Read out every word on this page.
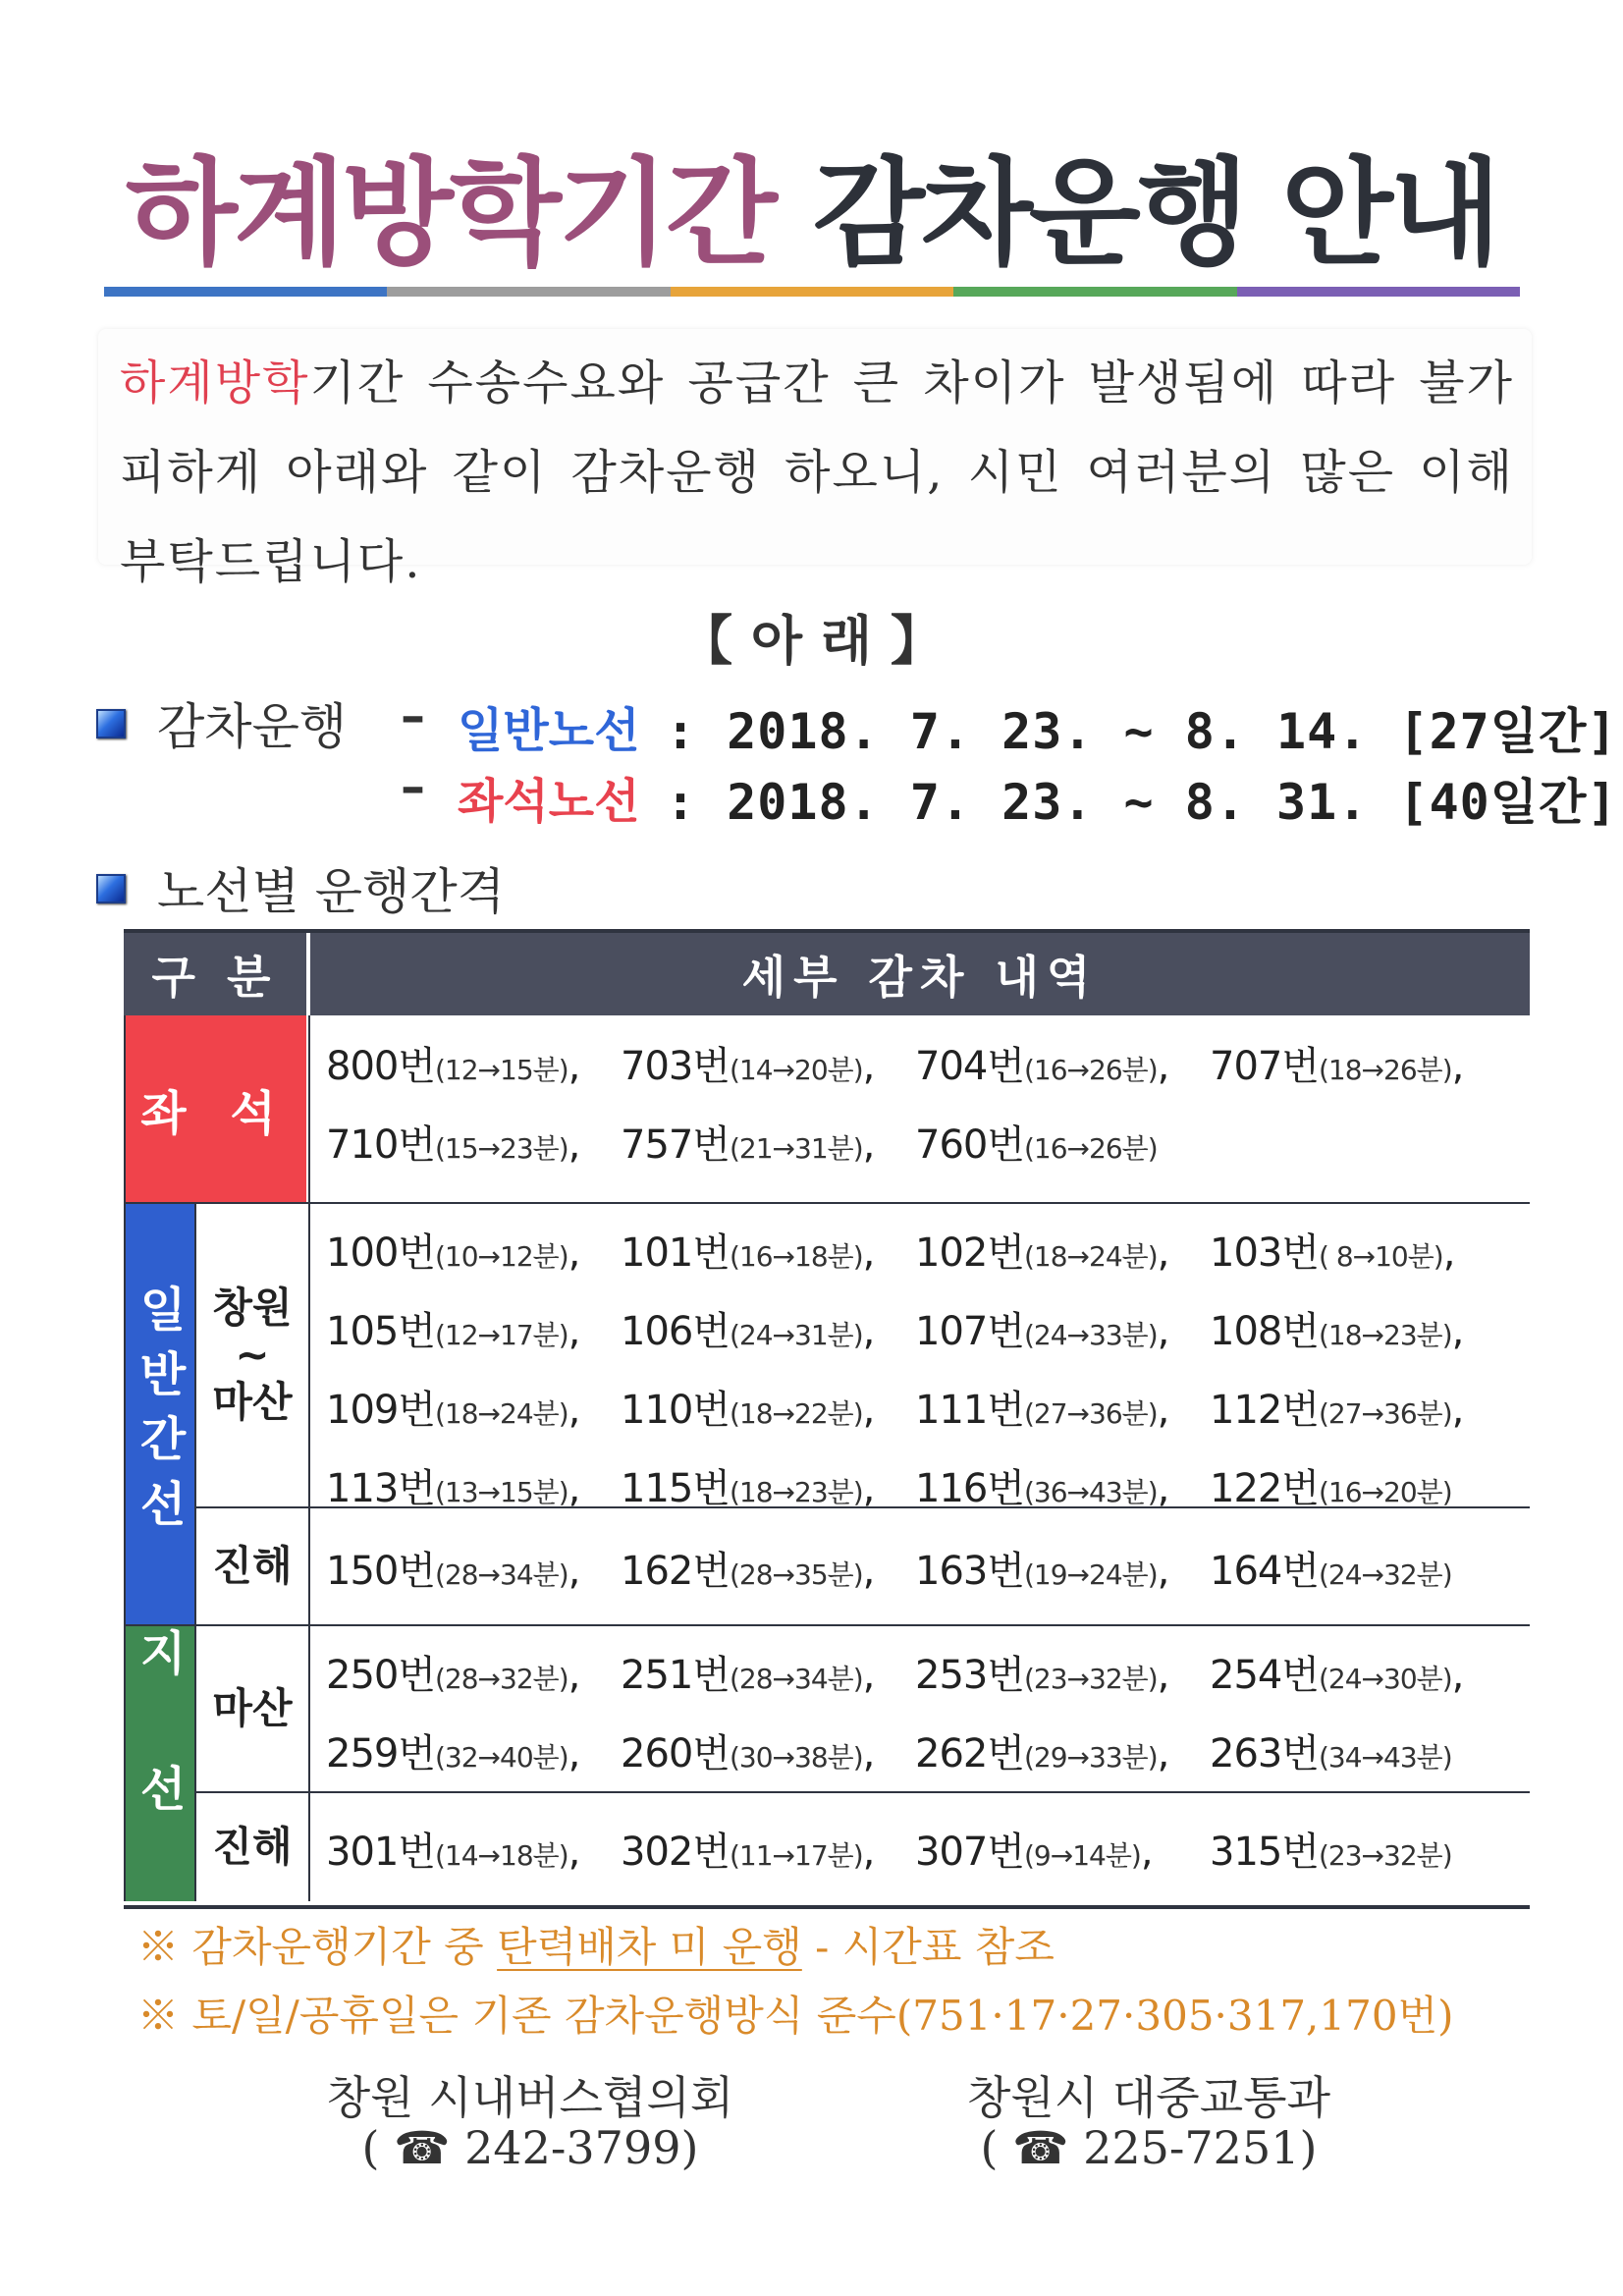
하계방학기간 감차운행 안내
하계방학기간 수송수요와 공급간 큰 차이가 발생됨에 따라 불가피하게 아래와 같이 감차운행 하오니, 시민 여러분의 많은 이해 부탁드립니다.
【 아 래 】
감차운행 – 일반노선 : 2018. 7. 23. ~ 8. 14. [27일간]
– 좌석노선 : 2018. 7. 23. ~ 8. 31. [40일간]
노선별 운행간격
구 분	세부 감차 내역
좌 석
일반간선
지선
창원
~
마산
진해
마산
진해
800번(12→15분), 703번(14→20분), 704번(16→26분), 707번(18→26분),
710번(15→23분), 757번(21→31분), 760번(16→26분)
100번(10→12분), 101번(16→18분), 102번(18→24분), 103번( 8→10분),
105번(12→17분), 106번(24→31분), 107번(24→33분), 108번(18→23분),
109번(18→24분), 110번(18→22분), 111번(27→36분), 112번(27→36분),
113번(13→15분), 115번(18→23분), 116번(36→43분), 122번(16→20분)
150번(28→34분), 162번(28→35분), 163번(19→24분), 164번(24→32분)
250번(28→32분), 251번(28→34분), 253번(23→32분), 254번(24→30분),
259번(32→40분), 260번(30→38분), 262번(29→33분), 263번(34→43분)
301번(14→18분), 302번(11→17분), 307번(9→14분), 315번(23→32분)
※ 감차운행기간 중 탄력배차 미 운행 - 시간표 참조
※ 토/일/공휴일은 기존 감차운행방식 준수(751·17·27·305·317,170번)
창원 시내버스협의회
( ☎ 242-3799)
창원시 대중교통과
( ☎ 225-7251)
